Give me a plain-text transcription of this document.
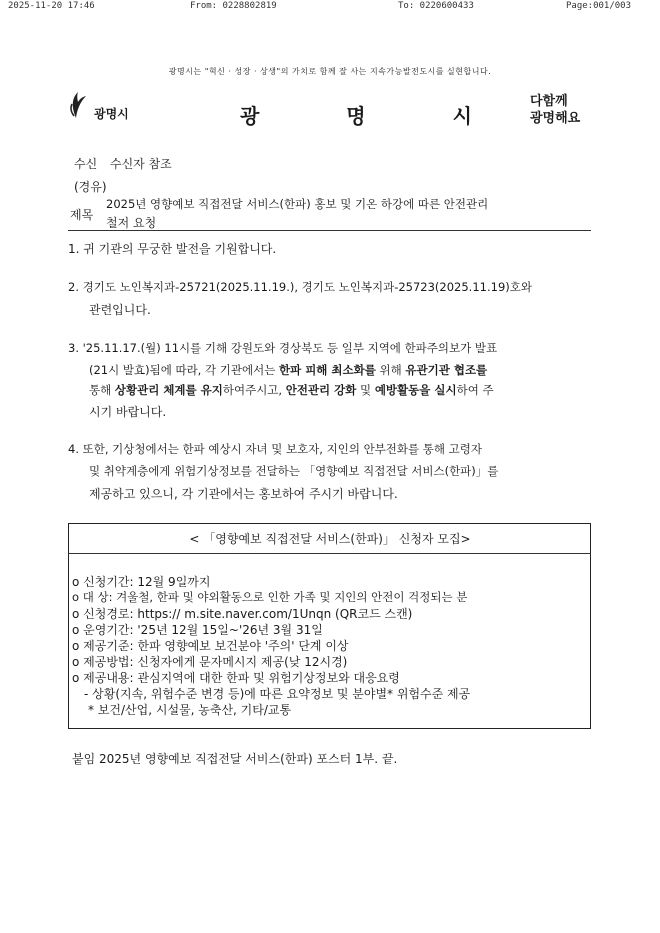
2025-11-20 17:46	From: 0228802819	To: 0220600433	Page:001/003
광명시는 "혁신 · 성장 · 상생"의 가치로 함께 잘 사는 지속가능발전도시를 실현합니다.
광명시	광 명 시
다함께
광명해요
수신 수신자 참조
(경유)
제목
2025년 영향예보 직접전달 서비스(한파) 홍보 및 기온 하강에 따른 안전관리
철저 요청
1. 귀 기관의 무궁한 발전을 기원합니다.
2. 경기도 노인복지과-25721(2025.11.19.), 경기도 노인복지과-25723(2025.11.19)호와
관련입니다.
3. '25.11.17.(월) 11시를 기해 강원도와 경상북도 등 일부 지역에 한파주의보가 발표
(21시 발효)됨에 따라, 각 기관에서는 한파 피해 최소화를 위해 유관기관 협조를
통해 상황관리 체계를 유지하여주시고, 안전관리 강화 및 예방활동을 실시하여 주
시기 바랍니다.
4. 또한, 기상청에서는 한파 예상시 자녀 및 보호자, 지인의 안부전화를 통해 고령자
및 취약계층에게 위험기상정보를 전달하는 「영향예보 직접전달 서비스(한파)」를
제공하고 있으니, 각 기관에서는 홍보하여 주시기 바랍니다.
< 「영향예보 직접전달 서비스(한파)」 신청자 모집>
o 신청기간: 12월 9일까지
o 대 상: 겨울철, 한파 및 야외활동으로 인한 가족 및 지인의 안전이 걱정되는 분
o 신청경로: https:// m.site.naver.com/1Unqn (QR코드 스캔)
o 운영기간: '25년 12월 15일~'26년 3월 31일
o 제공기준: 한파 영향예보 보건분야 '주의' 단계 이상
o 제공방법: 신청자에게 문자메시지 제공(낮 12시경)
o 제공내용: 관심지역에 대한 한파 및 위험기상정보와 대응요령
- 상황(지속, 위험수준 변경 등)에 따른 요약정보 및 분야별* 위험수준 제공
* 보건/산업, 시설물, 농축산, 기타/교통
붙임 2025년 영향예보 직접전달 서비스(한파) 포스터 1부. 끝.
